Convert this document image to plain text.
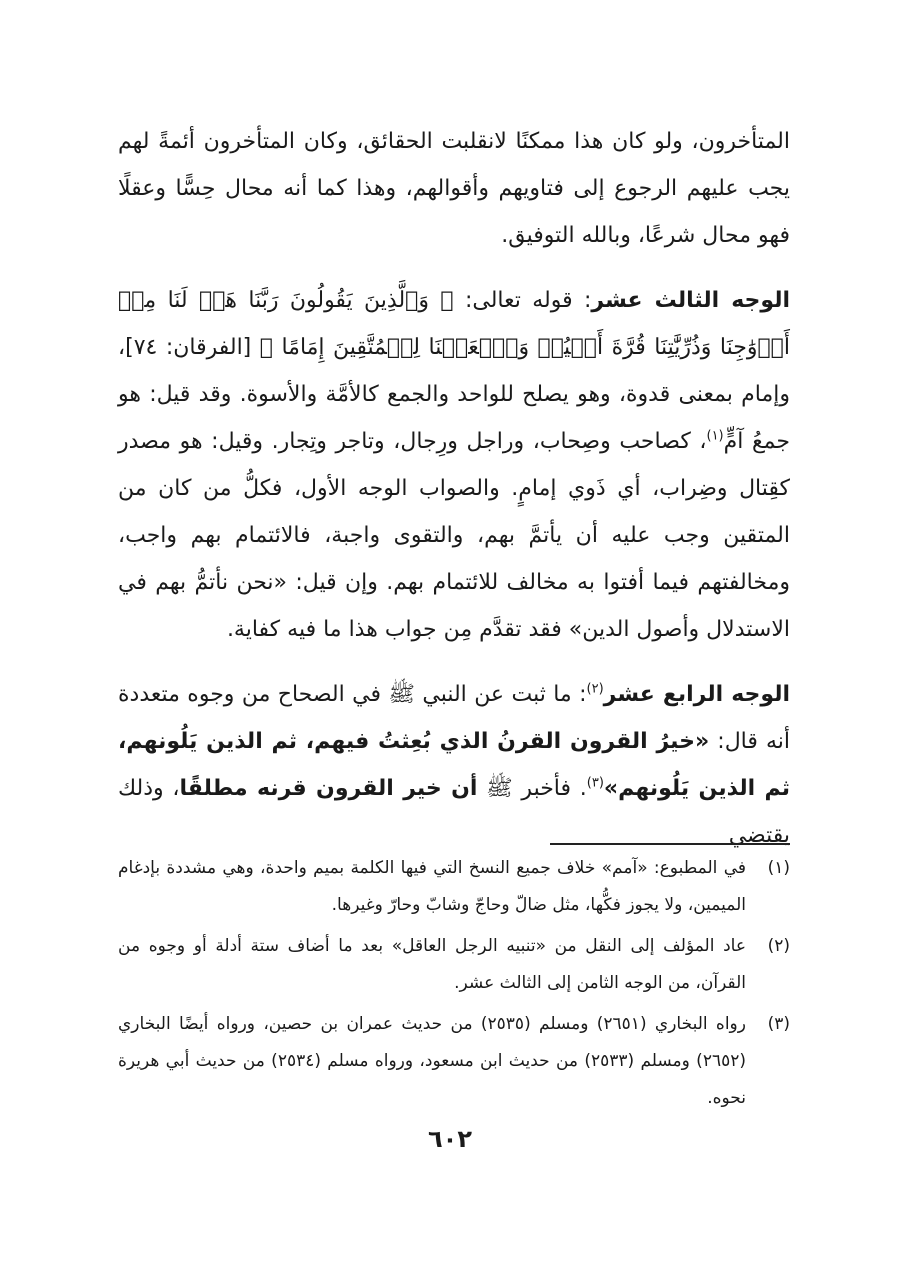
المتأخرون، ولو كان هذا ممكنًا لانقلبت الحقائق، وكان المتأخرون أئمةً لهم يجب عليهم الرجوع إلى فتاويهم وأقوالهم، وهذا كما أنه محال حِسًّا وعقلًا فهو محال شرعًا، وبالله التوفيق.

الوجه الثالث عشر: قوله تعالى: ﴿ وَٱلَّذِينَ يَقُولُونَ رَبَّنَا هَبۡ لَنَا مِنۡ أَزۡوَٰجِنَا وَذُرِّيَّٰتِنَا قُرَّةَ أَعۡيُنٖ وَٱجۡعَلۡنَا لِلۡمُتَّقِينَ إِمَامًا ﴾ [الفرقان: ٧٤]، وإمام بمعنى قدوة، وهو يصلح للواحد والجمع كالأمَّة والأسوة. وقد قيل: هو جمعُ آمٍّ$^{(١)}$، كصاحب وصِحاب، وراجل ورِجال، وتاجر وتِجار. وقيل: هو مصدر كقِتال وضِراب، أي ذَوي إمامٍ. والصواب الوجه الأول، فكلُّ من كان من المتقين وجب عليه أن يأتمَّ بهم، والتقوى واجبة، فالائتمام بهم واجب، ومخالفتهم فيما أفتوا به مخالف للائتمام بهم. وإن قيل: «نحن نأتمُّ بهم في الاستدلال وأصول الدين» فقد تقدَّم مِن جواب هذا ما فيه كفاية.

الوجه الرابع عشر$^{(٢)}$: ما ثبت عن النبي ﷺ في الصحاح من وجوه متعددة أنه قال: «خيرُ القرون القرنُ الذي بُعِثتُ فيهم، ثم الذين يَلُونهم، ثم الذين يَلُونهم»$^{(٣)}$. فأخبر ﷺ أن خير القرون قرنه مطلقًا، وذلك يقتضي

(١)
في المطبوع: «آمم» خلاف جميع النسخ التي فيها الكلمة بميم واحدة، وهي مشددة بإدغام الميمين، ولا يجوز فكُّها، مثل ضالّ وحاجّ وشابّ وحارّ وغيرها.
(٢)
عاد المؤلف إلى النقل من «تنبيه الرجل العاقل» بعد ما أضاف ستة أدلة أو وجوه من القرآن، من الوجه الثامن إلى الثالث عشر.
(٣)
رواه البخاري (٢٦٥١) ومسلم (٢٥٣٥) من حديث عمران بن حصين، ورواه أيضًا البخاري (٢٦٥٢) ومسلم (٢٥٣٣) من حديث ابن مسعود، ورواه مسلم (٢٥٣٤) من حديث أبي هريرة نحوه.
٦٠٢
